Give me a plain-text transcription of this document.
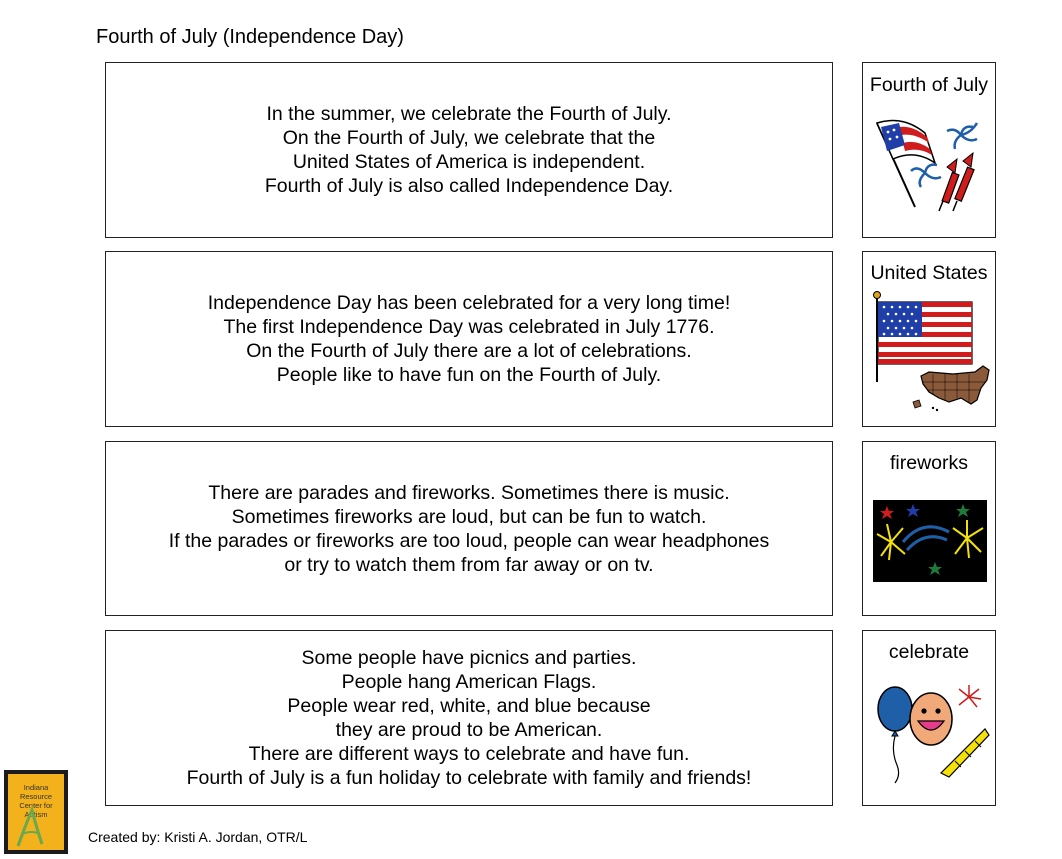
Fourth of July (Independence Day)
In the summer, we celebrate the Fourth of July.
On the Fourth of July, we celebrate that the
United States of America is independent.
Fourth of July is also called Independence Day.
Fourth of July
Independence Day has been celebrated for a very long time!
The first Independence Day was celebrated in July 1776.
On the Fourth of July there are a lot of celebrations.
People like to have fun on the Fourth of July.
United States
There are parades and fireworks. Sometimes there is music.
Sometimes fireworks are loud, but can be fun to watch.
If the parades or fireworks are too loud, people can wear headphones
or try to watch them from far away or on tv.
fireworks
Some people have picnics and parties.
People hang American Flags.
People wear red, white, and blue because
they are proud to be American.
There are different ways to celebrate and have fun.
Fourth of July is a fun holiday to celebrate with family and friends!
celebrate
Indiana
Resource
Center for
Autism
Created by: Kristi A. Jordan, OTR/L
